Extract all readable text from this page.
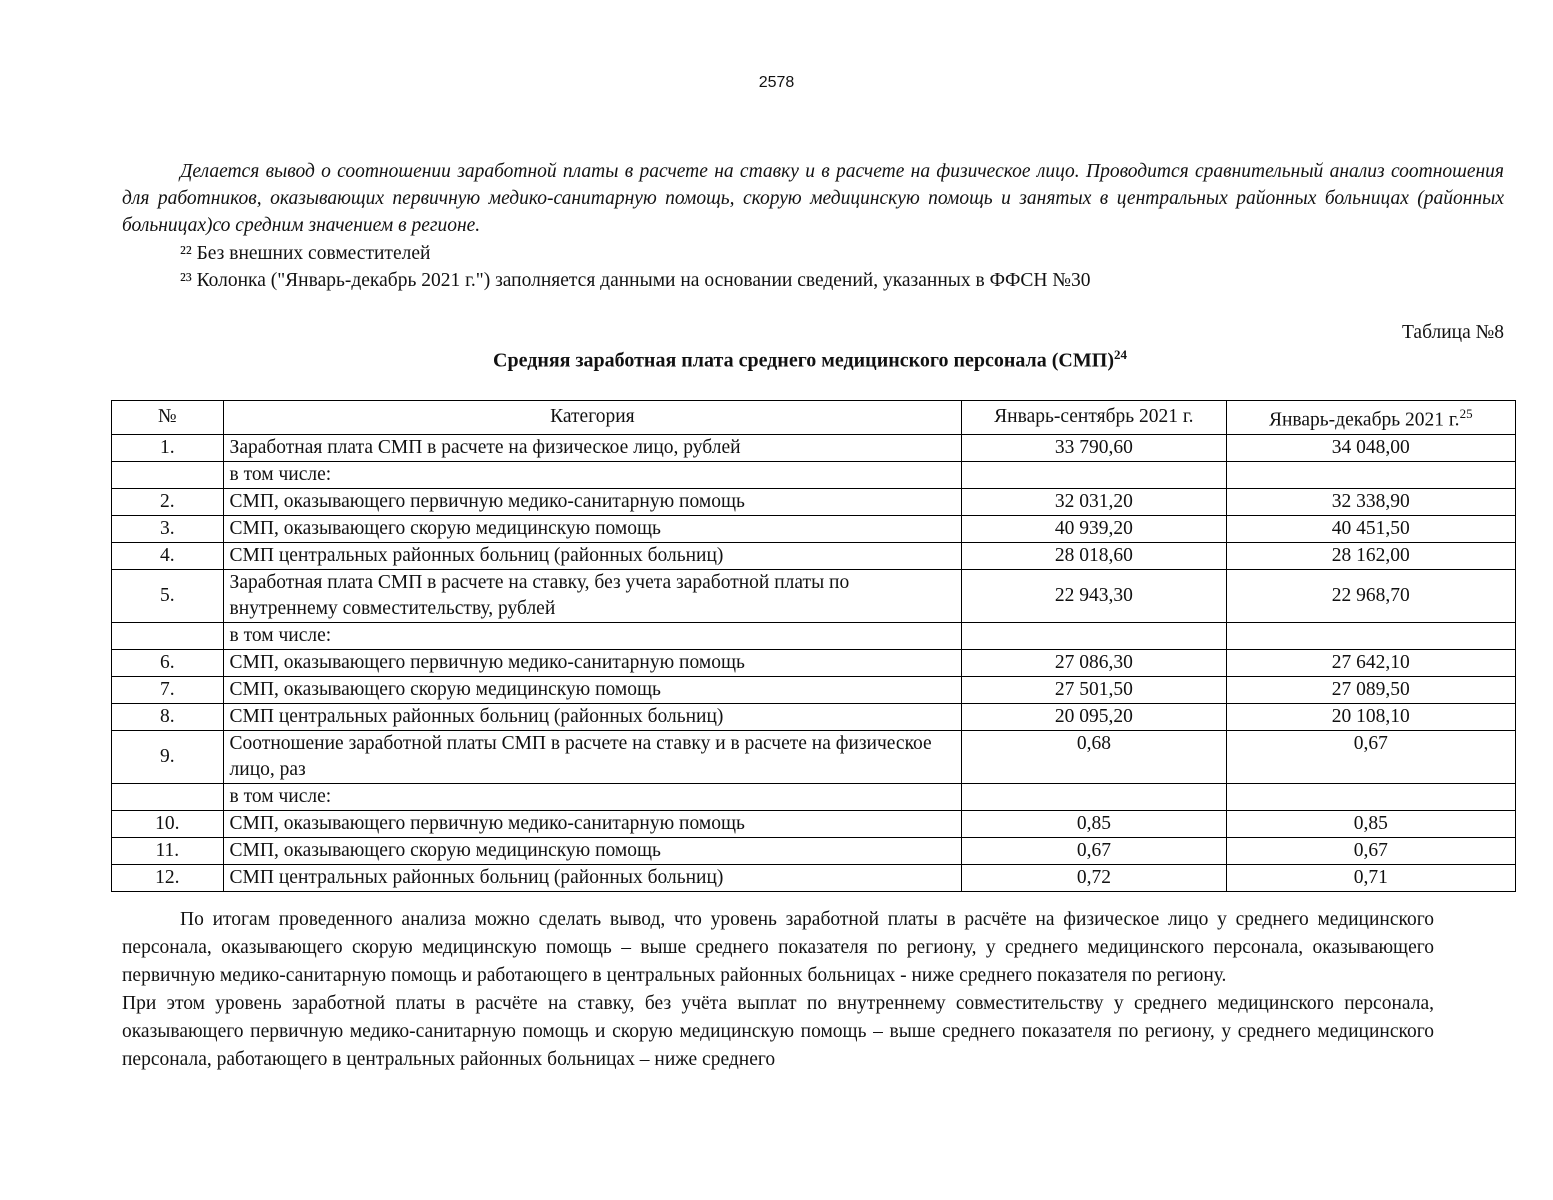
2578
Делается вывод о соотношении заработной платы в расчете на ставку и в расчете на физическое лицо. Проводится сравнительный анализ соотношения для работников, оказывающих первичную медико-санитарную помощь, скорую медицинскую помощь и занятых в центральных районных больницах (районных больницах)со средним значением в регионе.
²² Без внешних совместителей
²³ Колонка ("Январь-декабрь 2021 г.") заполняется данными на основании сведений, указанных в ФФСН №30
Таблица №8
Средняя заработная плата среднего медицинского персонала (СМП)$^{24}$
№	Категория	Январь-сентябрь 2021 г.	Январь-декабрь 2021 г.$^{25}$
1.	Заработная плата СМП в расчете на физическое лицо, рублей	33 790,60	34 048,00
	в том числе:		
2.	СМП, оказывающего первичную медико-санитарную помощь	32 031,20	32 338,90
3.	СМП, оказывающего скорую медицинскую помощь	40 939,20	40 451,50
4.	СМП центральных районных больниц (районных больниц)	28 018,60	28 162,00
5.	Заработная плата СМП в расчете на ставку, без учета заработной платы по внутреннему совместительству, рублей	22 943,30	22 968,70
	в том числе:		
6.	СМП, оказывающего первичную медико-санитарную помощь	27 086,30	27 642,10
7.	СМП, оказывающего скорую медицинскую помощь	27 501,50	27 089,50
8.	СМП центральных районных больниц (районных больниц)	20 095,20	20 108,10
9.	Соотношение заработной платы СМП в расчете на ставку и в расчете на физическое лицо, раз	0,68	0,67
	в том числе:		
10.	СМП, оказывающего первичную медико-санитарную помощь	0,85	0,85
11.	СМП, оказывающего скорую медицинскую помощь	0,67	0,67
12.	СМП центральных районных больниц (районных больниц)	0,72	0,71

По итогам проведенного анализа можно сделать вывод, что уровень заработной платы в расчёте на физическое лицо у среднего медицинского персонала, оказывающего скорую медицинскую помощь – выше среднего показателя по региону, у среднего медицинского персонала, оказывающего первичную медико-санитарную помощь и работающего в центральных районных больницах - ниже среднего показателя по региону.

При этом уровень заработной платы в расчёте на ставку, без учёта выплат по внутреннему совместительству у среднего медицинского персонала, оказывающего первичную медико-санитарную помощь и скорую медицинскую помощь – выше среднего показателя по региону, у среднего медицинского персонала, работающего в центральных районных больницах – ниже среднего
